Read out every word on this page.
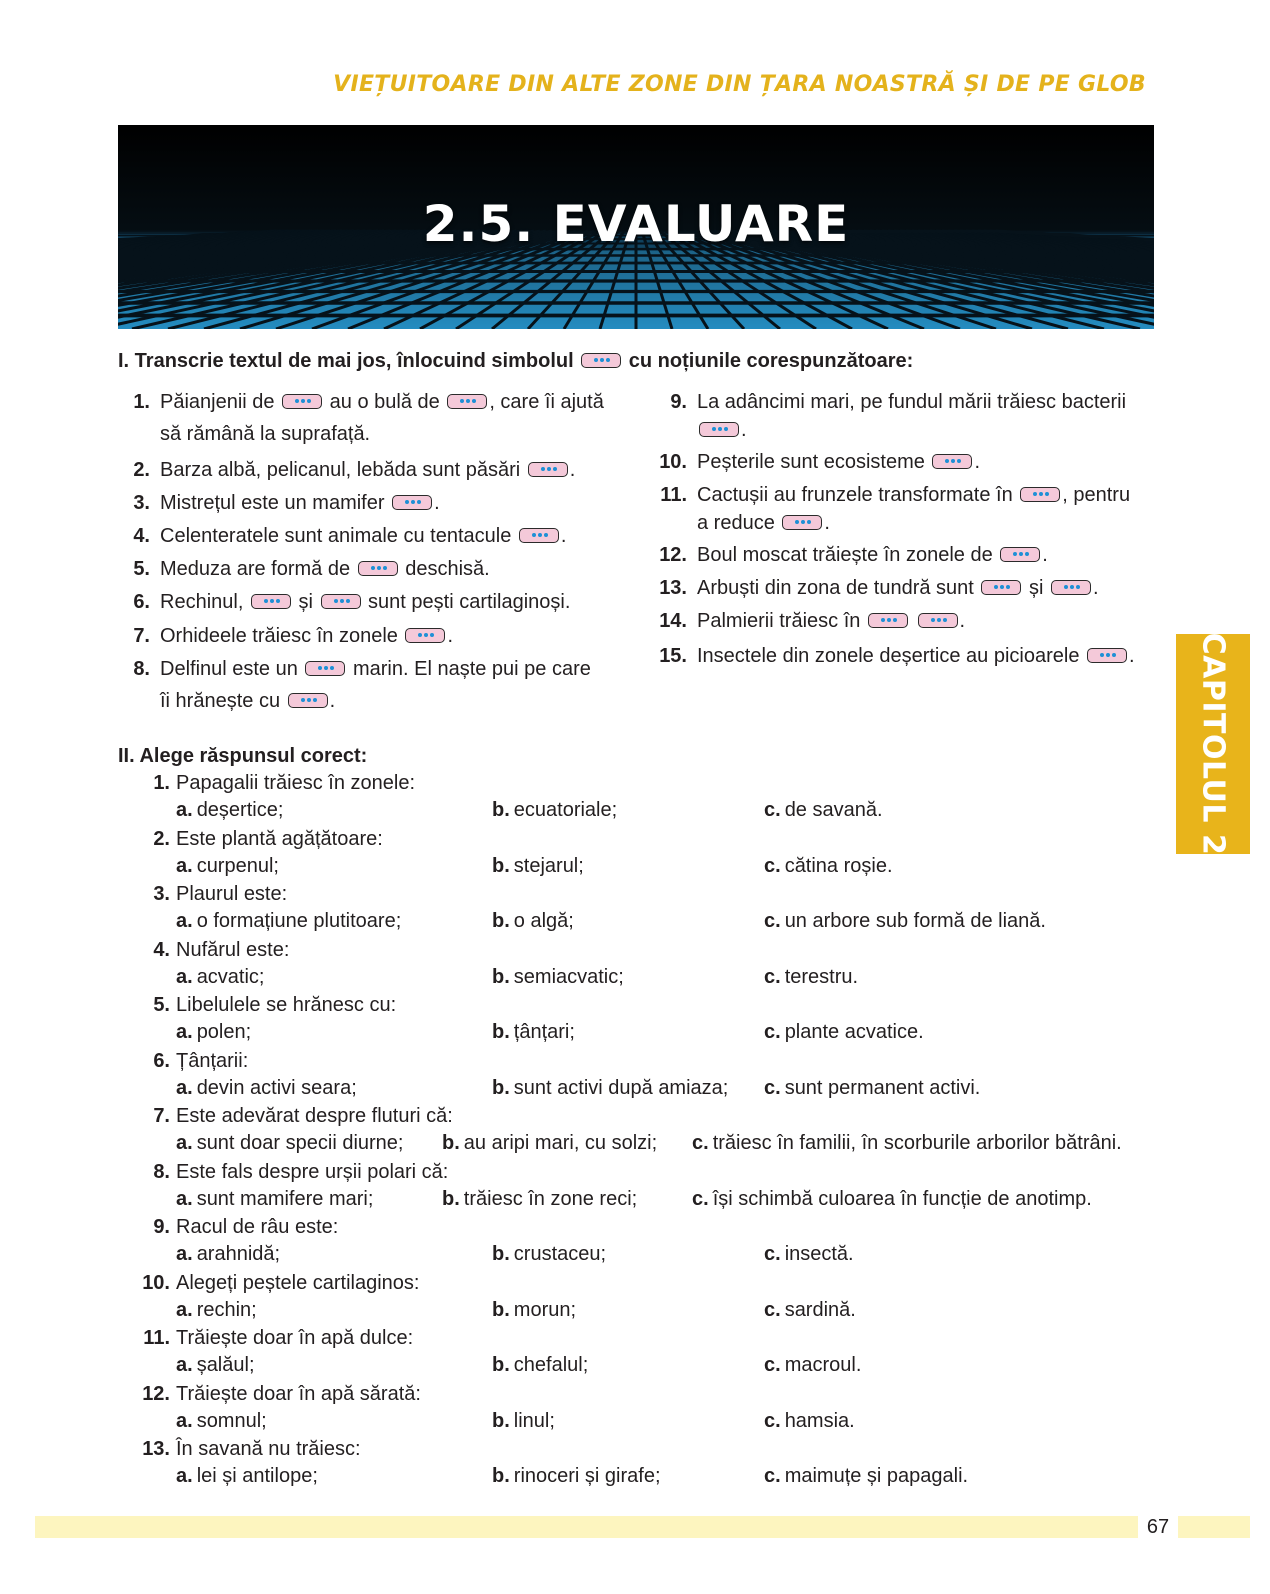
VIEȚUITOARE DIN ALTE ZONE DIN ȚARA NOASTRĂ ȘI DE PE GLOB
2.5. EVALUARE
I. Transcrie textul de mai jos, înlocuind simbolul	cu noțiunile corespunzătoare:
1. Păianjenii de  au o bulă de , care îi ajută
să rămână la suprafață.
2. Barza albă, pelicanul, lebăda sunt păsări .
3. Mistrețul este un mamifer .
4. Celenteratele sunt animale cu tentacule .
5. Meduza are formă de  deschisă.
6. Rechinul,  și  sunt pești cartilaginoși.
7. Orhideele trăiesc în zonele .
8. Delfinul este un  marin. El naște pui pe care
îi hrănește cu .
9. La adâncimi mari, pe fundul mării trăiesc bacterii
.
10. Peșterile sunt ecosisteme .
11. Cactușii au frunzele transformate în , pentru
a reduce .
12. Boul moscat trăiește în zonele de .
13. Arbuști din zona de tundră sunt  și .
14. Palmierii trăiesc în	.
15. Insectele din zonele deșertice au picioarele .
II. Alege răspunsul corect:
1. Papagalii trăiesc în zonele:
a. deșertice;	b. ecuatoriale;	c. de savană.
2. Este plantă agățătoare:
a. curpenul;	b. stejarul;	c. cătina roșie.
3. Plaurul este:
a. o formațiune plutitoare;	b. o algă;	c. un arbore sub formă de liană.
4. Nufărul este:
a. acvatic;	b. semiacvatic;	c. terestru.
5. Libelulele se hrănesc cu:
a. polen;	b. țânțari;	c. plante acvatice.
6. Țânțarii:
a. devin activi seara;	b. sunt activi după amiaza; c. sunt permanent activi.
7. Este adevărat despre fluturi că:
a. sunt doar specii diurne; b. au aripi mari, cu solzi; c. trăiesc în familii, în scorburile arborilor bătrâni.
8. Este fals despre urșii polari că:
a. sunt mamifere mari;	b. trăiesc în zone reci;	c. își schimbă culoarea în funcție de anotimp.
9. Racul de râu este:
a. arahnidă;	b. crustaceu;	c. insectă.
10. Alegeți peștele cartilaginos:
a. rechin;	b. morun;	c. sardină.
11. Trăiește doar în apă dulce:
a. șalăul;	b. chefalul;	c. macroul.
12. Trăiește doar în apă sărată:
a. somnul;	b. linul;	c. hamsia.
13. În savană nu trăiesc:
a. lei și antilope;	b. rinoceri și girafe;	c. maimuțe și papagali.
CAPITOLUL 2
67
